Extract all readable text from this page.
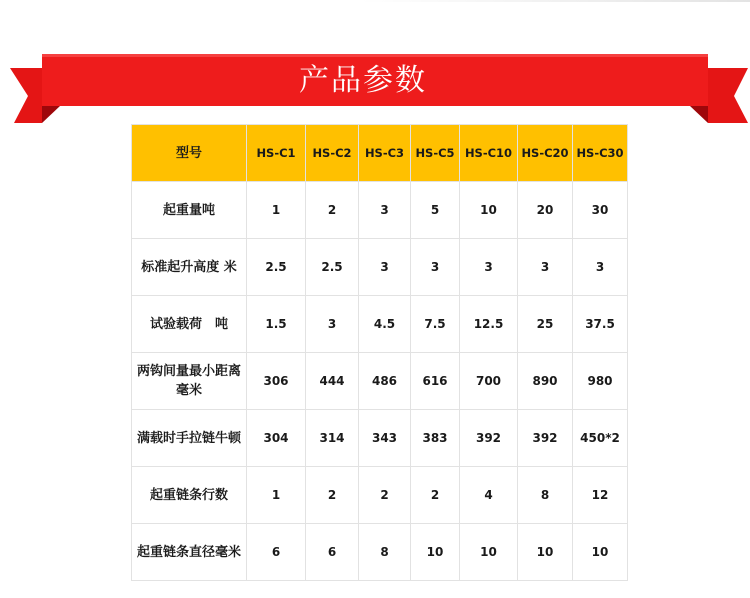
产品参数
型号	HS-C1	HS-C2	HS-C3	HS-C5	HS-C10	HS-C20	HS-C30
起重量吨	1	2	3	5	10	20	30
标准起升高度 米	2.5	2.5	3	3	3	3	3
试验载荷　吨	1.5	3	4.5	7.5	12.5	25	37.5
两钩间量最小距离　毫米	306	444	486	616	700	890	980
满载时手拉链牛顿	304	314	343	383	392	392	450*2
起重链条行数	1	2	2	2	4	8	12
起重链条直径毫米	6	6	8	10	10	10	10
